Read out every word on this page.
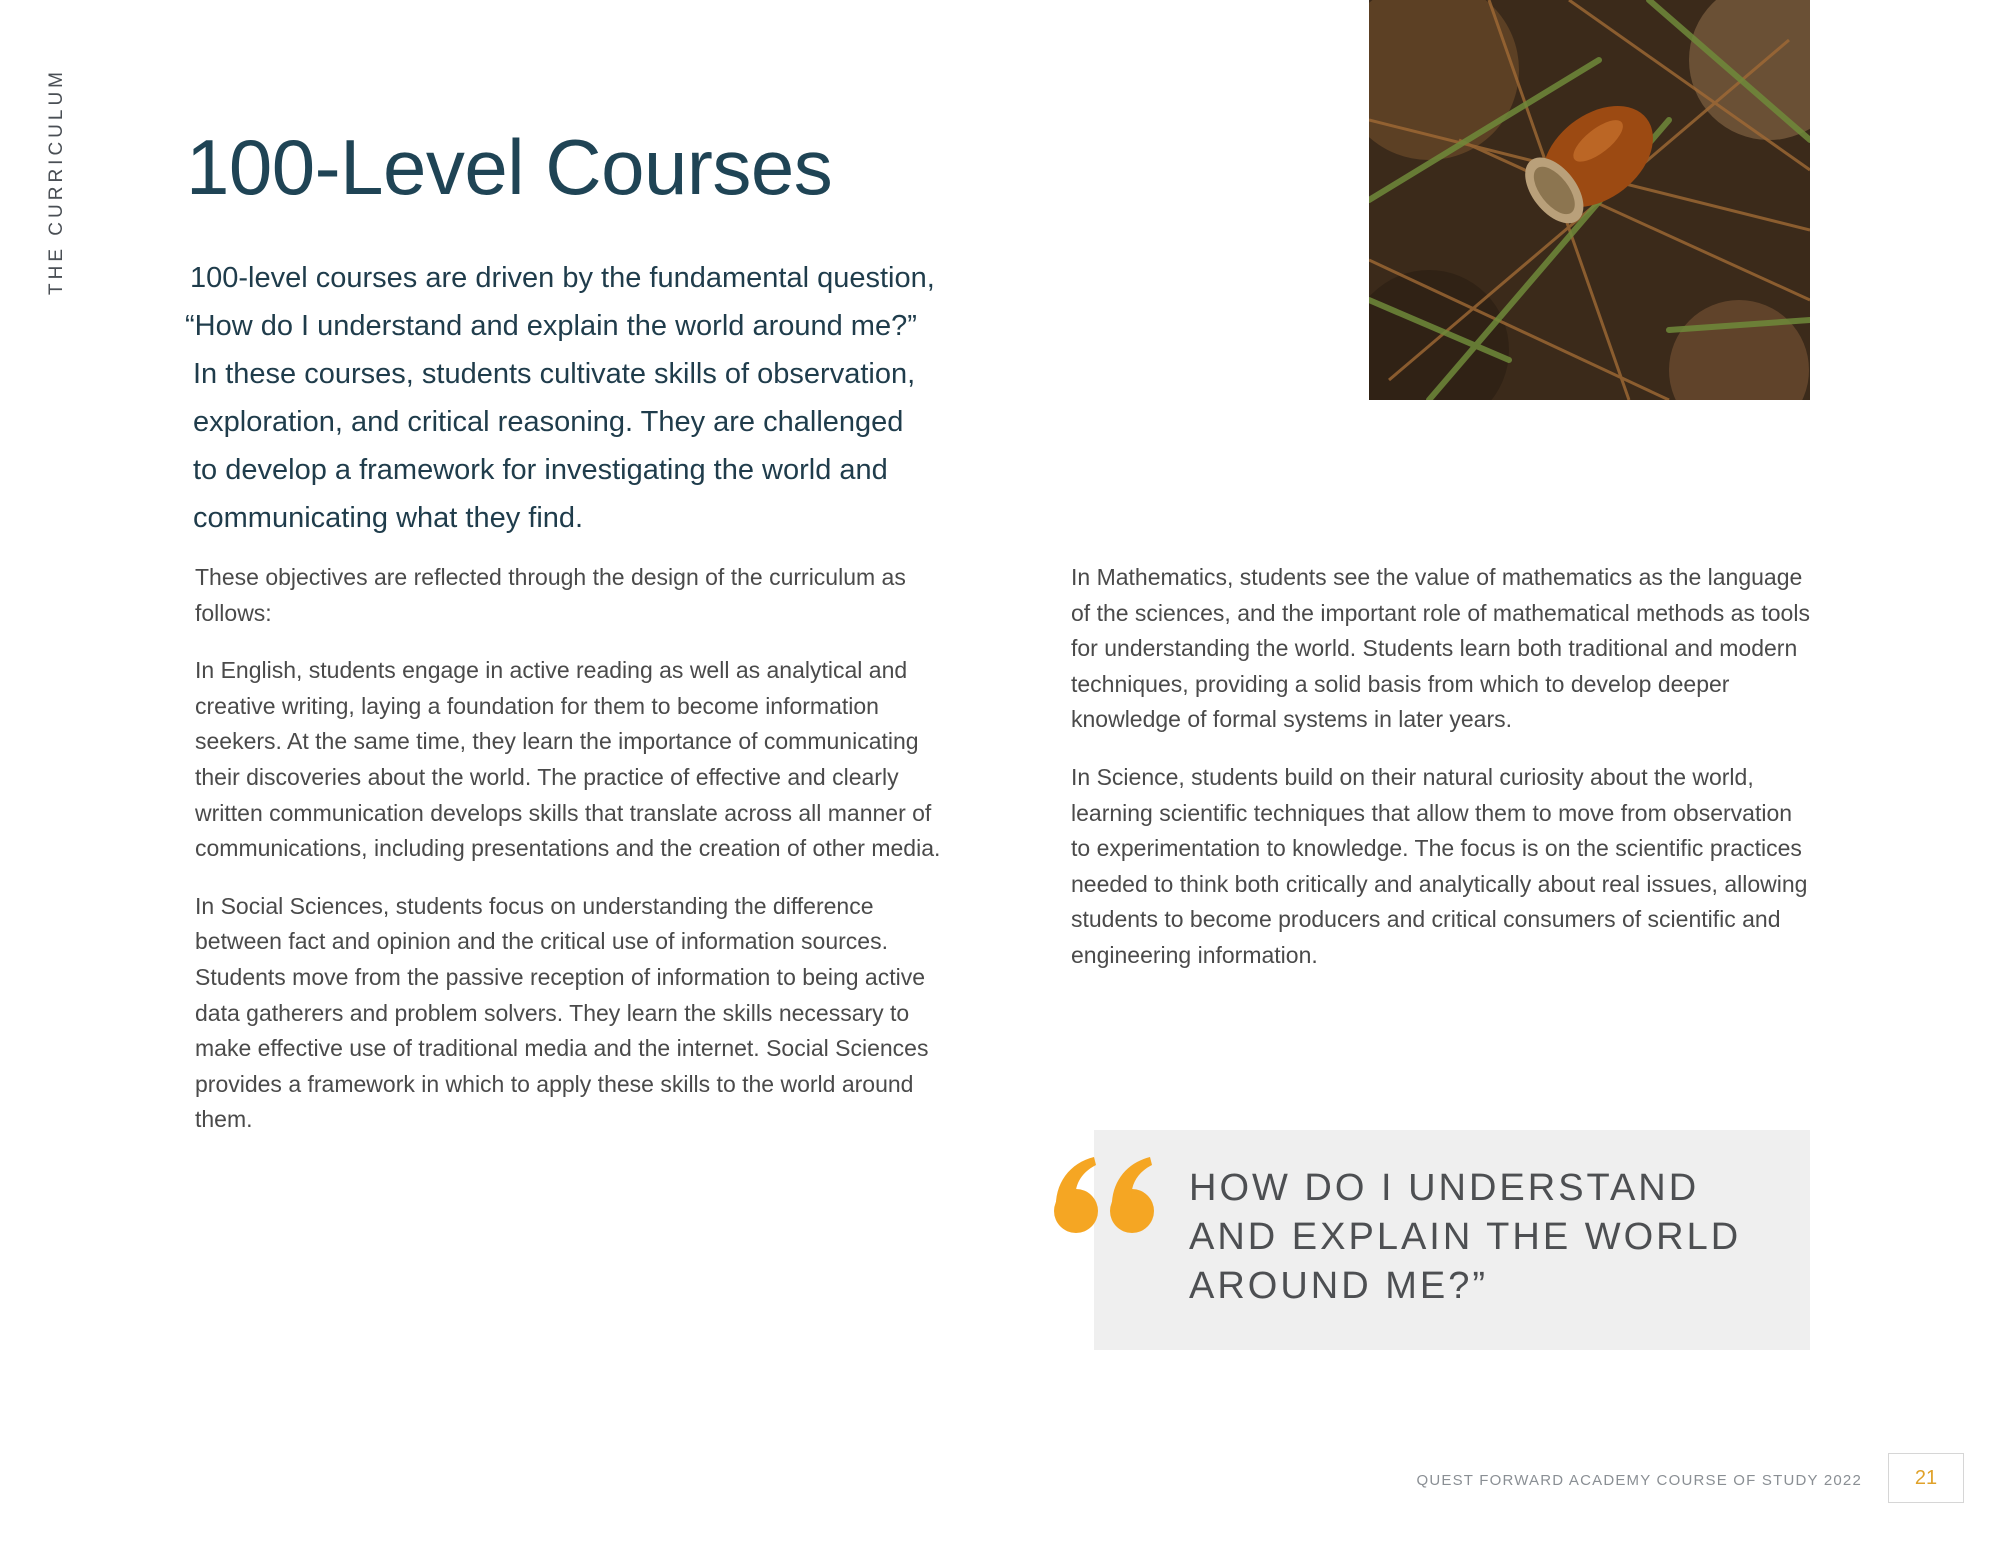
THE CURRICULUM 100-Level Courses

100-level courses are driven by the fundamental question,

“How do I understand and explain the world around me?”

In these courses, students cultivate skills of observation,

exploration, and critical reasoning. They are challenged

to develop a framework for investigating the world and

communicating what they find.

These objectives are reflected through the design of the curriculum as follows:

In English, students engage in active reading as well as analytical and creative writing, laying a foundation for them to become information seekers. At the same time, they learn the importance of communicating their discoveries about the world. The practice of effective and clearly written communication develops skills that translate across all manner of communications, including presentations and the creation of other media.

In Social Sciences, students focus on understanding the difference between fact and opinion and the critical use of information sources. Students move from the passive reception of information to being active data gatherers and problem solvers. They learn the skills necessary to make effective use of traditional media and the internet. Social Sciences provides a framework in which to apply these skills to the world around them.

In Mathematics, students see the value of mathematics as the language of the sciences, and the important role of mathematical methods as tools for understanding the world. Students learn both traditional and modern techniques, providing a solid basis from which to develop deeper knowledge of formal systems in later years.

In Science, students build on their natural curiosity about the world, learning scientific techniques that allow them to move from observation to experimentation to knowledge. The focus is on the scientific practices needed to think both critically and analytically about real issues, allowing students to become producers and critical consumers of scientific and engineering information.

HOW DO I UNDERSTAND AND EXPLAIN THE WORLD AROUND ME?”
QUEST FORWARD ACADEMY COURSE OF STUDY 2022	21
